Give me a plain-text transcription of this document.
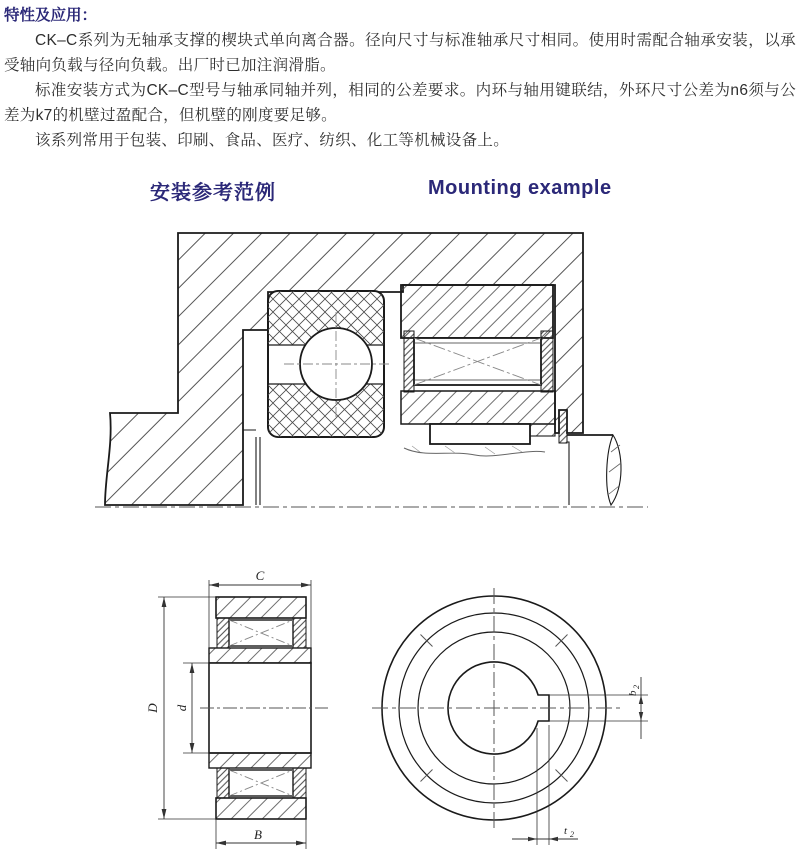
特性及应用：

CK–C系列为无轴承支撑的楔块式单向离合器。径向尺寸与标准轴承尺寸相同。使用时需配合轴承安装，以承受轴向负载与径向负载。出厂时已加注润滑脂。

标准安装方式为CK–C型号与轴承同轴并列，相同的公差要求。内环与轴用键联结，外环尺寸公差为n6须与公差为k7的机壁过盈配合，但机壁的刚度要足够。

该系列常用于包装、印刷、食品、医疗、纺织、化工等机械设备上。

安装参考范例	Mounting example
C
D d
B
b
2
t 2
